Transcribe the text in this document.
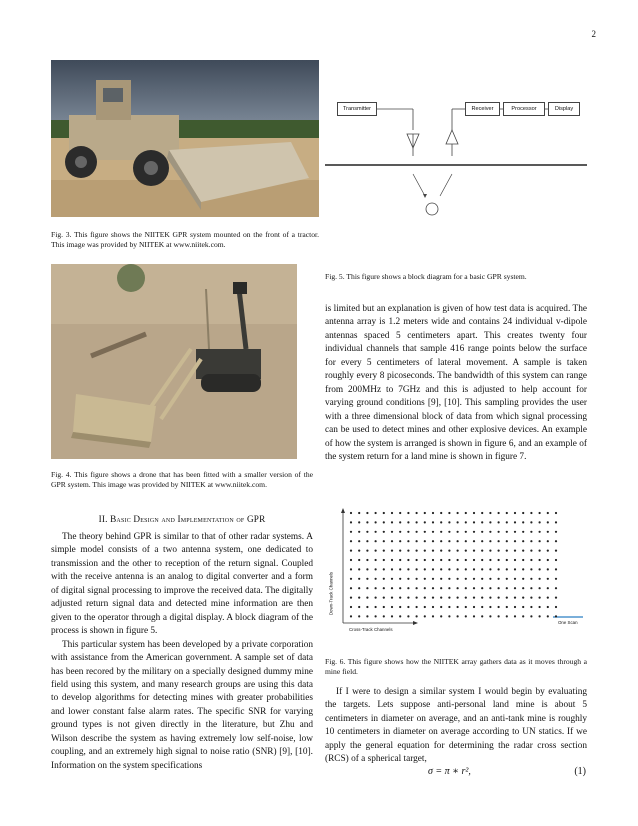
2
Fig. 3. This figure shows the NIITEK GPR system mounted on the front of a tractor. This image was provided by NIITEK at www.niitek.com.
Fig. 4. This figure shows a drone that has been fitted with a smaller version of the GPR system. This image was provided by NIITEK at www.niitek.com.
II. Basic Design and Implementation of GPR

The theory behind GPR is similar to that of other radar systems. A simple model consists of a two antenna system, one dedicated to transmission and the other to reception of the return signal. Coupled with the receive antenna is an analog to digital converter and a form of digital signal processing to improve the received data. The digitally adjusted return signal data and detected mine information are then given to the operator through a digital display. A block diagram of the process is shown in figure 5.

This particular system has been developed by a private corporation with assistance from the American government. A sample set of data has been recored by the military on a specially designed dummy mine field using this system, and many research groups are using this data to develop algorithms for detecting mines with greater probabilities and lower constant false alarm rates. The specific SNR for varying ground types is not given directly in the literature, but Zhu and Wilson describe the system as having extremely low self-noise, low coupling, and an extremely high signal to noise ratio (SNR) [9], [10]. Information on the system specifications

Transmitter	Receiver	Processor	Display
Fig. 5. This figure shows a block diagram for a basic GPR system.

is limited but an explanation is given of how test data is acquired. The antenna array is 1.2 meters wide and contains 24 individual v-dipole antennas spaced 5 centimeters apart. This creates twenty four individual channels that sample 416 range points below the surface for every 5 centimeters of lateral movement. A sample is taken roughly every 8 picoseconds. The bandwidth of this system can range from 200MHz to 7GHz and this is adjusted to help account for varying ground conditions [9], [10]. This sampling provides the user with a three dimensional block of data from which signal processing can be used to detect mines and other explosive devices. An example of how the system is arranged is shown in figure 6, and an example of the system return for a land mine is shown in figure 7.

Down-Track Channels
Cross-Track Channels
One Scan
Fig. 6. This figure shows how the NIITEK array gathers data as it moves through a mine field.

If I were to design a similar system I would begin by evaluating the targets. Lets suppose anti-personal land mine is about 5 centimeters in diameter on average, and an anti-tank mine is roughly 10 centimeters in diameter on average according to UN statics. If we apply the general equation for determining the radar cross section (RCS) of a spherical target,

σ = π ∗ r²,	(1)
